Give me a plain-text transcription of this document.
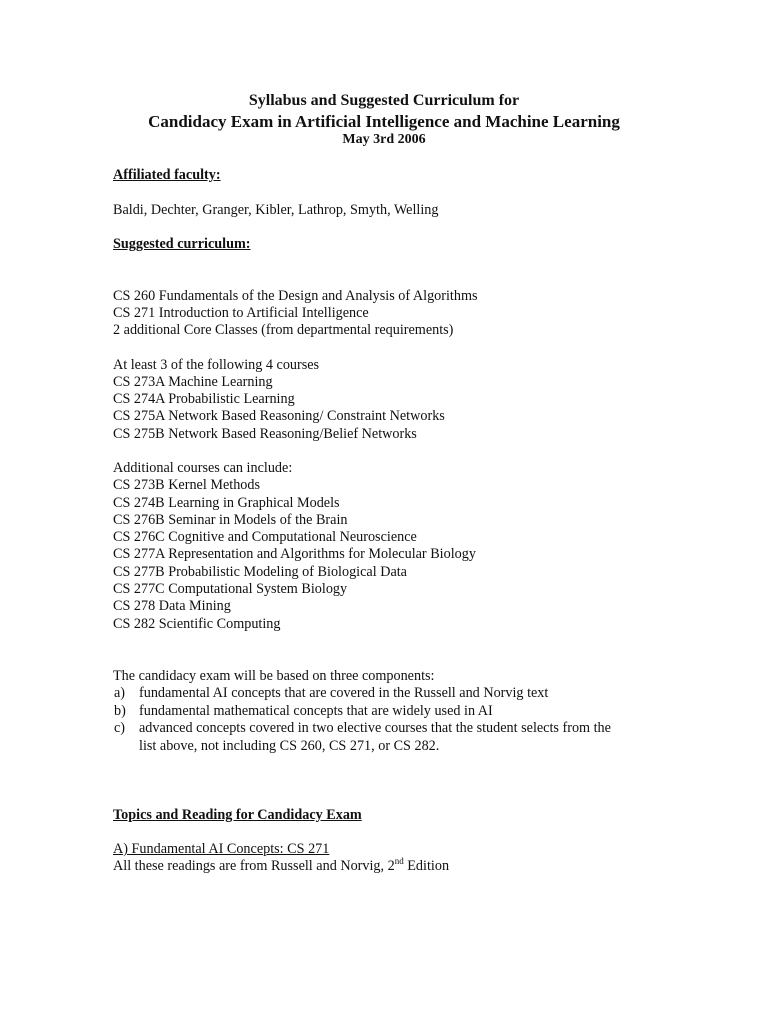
Syllabus and Suggested Curriculum for
Candidacy Exam in Artificial Intelligence and Machine Learning
May 3rd 2006
Affiliated faculty:
Baldi, Dechter, Granger, Kibler, Lathrop, Smyth, Welling
Suggested curriculum:
CS 260 Fundamentals of the Design and Analysis of Algorithms
CS 271 Introduction to Artificial Intelligence
2 additional Core Classes (from departmental requirements)
At least 3 of the following 4 courses
CS 273A Machine Learning
CS 274A Probabilistic Learning
CS 275A Network Based Reasoning/ Constraint Networks
CS 275B Network Based Reasoning/Belief Networks
Additional courses can include:
CS 273B Kernel Methods
CS 274B Learning in Graphical Models
CS 276B Seminar in Models of the Brain
CS 276C Cognitive and Computational Neuroscience
CS 277A Representation and Algorithms for Molecular Biology
CS 277B Probabilistic Modeling of Biological Data
CS 277C Computational System Biology
CS 278 Data Mining
CS 282 Scientific Computing
The candidacy exam will be based on three components:
a) fundamental AI concepts that are covered in the Russell and Norvig text
b) fundamental mathematical concepts that are widely used in AI
c) advanced concepts covered in two elective courses that the student selects from the
list above, not including CS 260, CS 271, or CS 282.
Topics and Reading for Candidacy Exam
A) Fundamental AI Concepts: CS 271
All these readings are from Russell and Norvig, 2nd Edition
